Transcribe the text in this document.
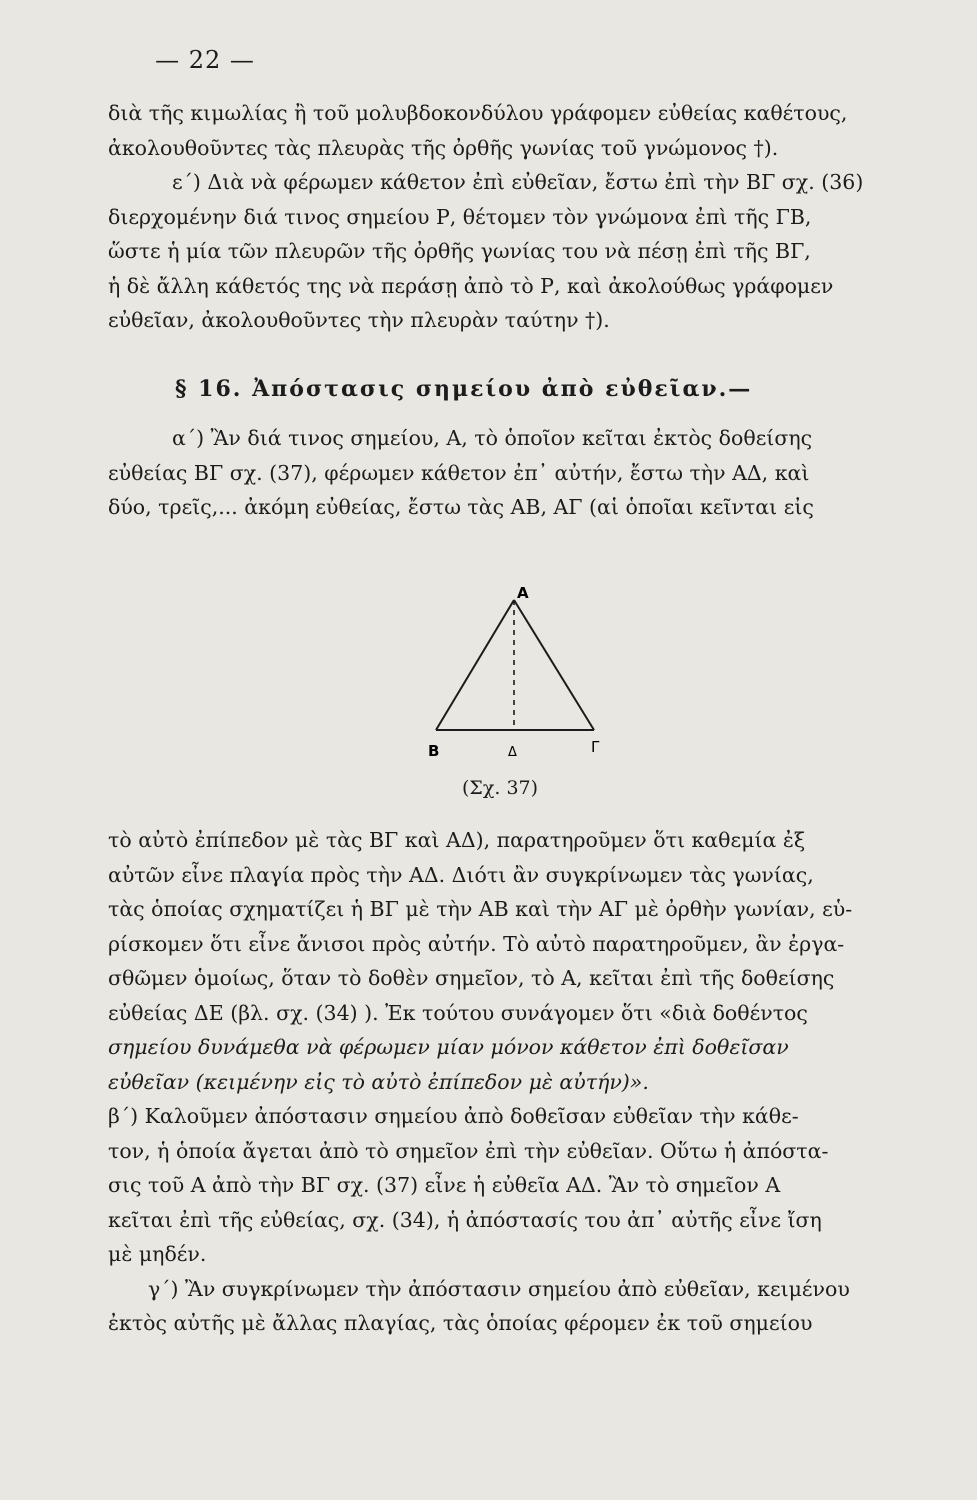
— 22 —
διὰ τῆς κιμωλίας ἢ τοῦ μολυβδοκονδύλου γράφομεν εὐθείας καθέτους,
ἀκολουθοῦντες τὰς πλευρὰς τῆς ὀρθῆς γωνίας τοῦ γνώμονος †).
ε΄) Διὰ νὰ φέρωμεν κάθετον ἐπὶ εὐθεῖαν, ἔστω ἐπὶ τὴν ΒΓ σχ. (36)
διερχομένην διά τινος σημείου Ρ, θέτομεν τὸν γνώμονα ἐπὶ τῆς ΓΒ,
ὥστε ἡ μία τῶν πλευρῶν τῆς ὀρθῆς γωνίας του νὰ πέσῃ ἐπὶ τῆς ΒΓ,
ἡ δὲ ἄλλη κάθετός της νὰ περάσῃ ἀπὸ τὸ Ρ, καὶ ἀκολούθως γράφομεν
εὐθεῖαν, ἀκολουθοῦντες τὴν πλευρὰν ταύτην †).
§ 16. Ἀπόστασις σημείου ἀπὸ εὐθεῖαν.—
α΄) Ἂν διά τινος σημείου, Α, τὸ ὁποῖον κεῖται ἐκτὸς δοθείσης
εὐθείας ΒΓ σχ. (37), φέρωμεν κάθετον ἐπ᾽ αὐτήν, ἔστω τὴν ΑΔ, καὶ
δύο, τρεῖς,... ἀκόμη εὐθείας, ἔστω τὰς ΑΒ, ΑΓ (αἱ ὁποῖαι κεῖνται εἰς
Α
Β	Δ	Γ
(Σχ. 37)
τὸ αὐτὸ ἐπίπεδον μὲ τὰς ΒΓ καὶ ΑΔ), παρατηροῦμεν ὅτι καθεμία ἐξ
αὐτῶν εἶνε πλαγία πρὸς τὴν ΑΔ. Διότι ἂν συγκρίνωμεν τὰς γωνίας,
τὰς ὁποίας σχηματίζει ἡ ΒΓ μὲ τὴν ΑΒ καὶ τὴν ΑΓ μὲ ὀρθὴν γωνίαν, εὑ-
ρίσκομεν ὅτι εἶνε ἄνισοι πρὸς αὐτήν. Τὸ αὐτὸ παρατηροῦμεν, ἂν ἐργα-
σθῶμεν ὁμοίως, ὅταν τὸ δοθὲν σημεῖον, τὸ Α, κεῖται ἐπὶ τῆς δοθείσης
εὐθείας ΔΕ (βλ. σχ. (34) ). Ἐκ τούτου συνάγομεν ὅτι «διὰ δοθέντος
σημείου δυνάμεθα νὰ φέρωμεν μίαν μόνον κάθετον ἐπὶ δοθεῖσαν
εὐθεῖαν (κειμένην εἰς τὸ αὐτὸ ἐπίπεδον μὲ αὐτήν)».
β΄) Καλοῦμεν ἀπόστασιν σημείου ἀπὸ δοθεῖσαν εὐθεῖαν τὴν κάθε-
τον, ἡ ὁποία ἄγεται ἀπὸ τὸ σημεῖον ἐπὶ τὴν εὐθεῖαν. Οὕτω ἡ ἀπόστα-
σις τοῦ Α ἀπὸ τὴν ΒΓ σχ. (37) εἶνε ἡ εὐθεῖα ΑΔ. Ἂν τὸ σημεῖον Α
κεῖται ἐπὶ τῆς εὐθείας, σχ. (34), ἡ ἀπόστασίς του ἀπ᾽ αὐτῆς εἶνε ἴση
μὲ μηδέν.
γ΄) Ἂν συγκρίνωμεν τὴν ἀπόστασιν σημείου ἀπὸ εὐθεῖαν, κειμένου
ἐκτὸς αὐτῆς μὲ ἄλλας πλαγίας, τὰς ὁποίας φέρομεν ἐκ τοῦ σημείου
